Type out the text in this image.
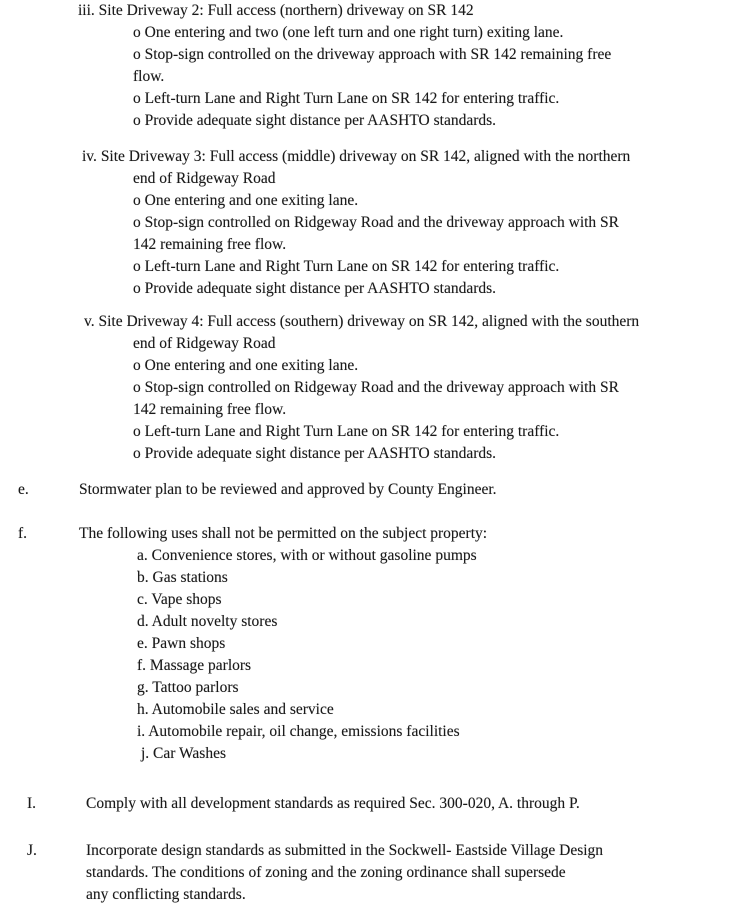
iii. Site Driveway 2: Full access (northern) driveway on SR 142
o One entering and two (one left turn and one right turn) exiting lane.
o Stop-sign controlled on the driveway approach with SR 142 remaining free
flow.
o Left-turn Lane and Right Turn Lane on SR 142 for entering traffic.
o Provide adequate sight distance per AASHTO standards.
iv. Site Driveway 3: Full access (middle) driveway on SR 142, aligned with the northern
end of Ridgeway Road
o One entering and one exiting lane.
o Stop-sign controlled on Ridgeway Road and the driveway approach with SR
142 remaining free flow.
o Left-turn Lane and Right Turn Lane on SR 142 for entering traffic.
o Provide adequate sight distance per AASHTO standards.
v. Site Driveway 4: Full access (southern) driveway on SR 142, aligned with the southern
end of Ridgeway Road
o One entering and one exiting lane.
o Stop-sign controlled on Ridgeway Road and the driveway approach with SR
142 remaining free flow.
o Left-turn Lane and Right Turn Lane on SR 142 for entering traffic.
o Provide adequate sight distance per AASHTO standards.
e.	Stormwater plan to be reviewed and approved by County Engineer.
f.	The following uses shall not be permitted on the subject property:
a. Convenience stores, with or without gasoline pumps
b. Gas stations
c. Vape shops
d. Adult novelty stores
e. Pawn shops
f. Massage parlors
g. Tattoo parlors
h. Automobile sales and service
i. Automobile repair, oil change, emissions facilities
j. Car Washes
I.	Comply with all development standards as required Sec. 300-020, A. through P.
J.	Incorporate design standards as submitted in the Sockwell- Eastside Village Design
standards. The conditions of zoning and the zoning ordinance shall supersede
any conflicting standards.
